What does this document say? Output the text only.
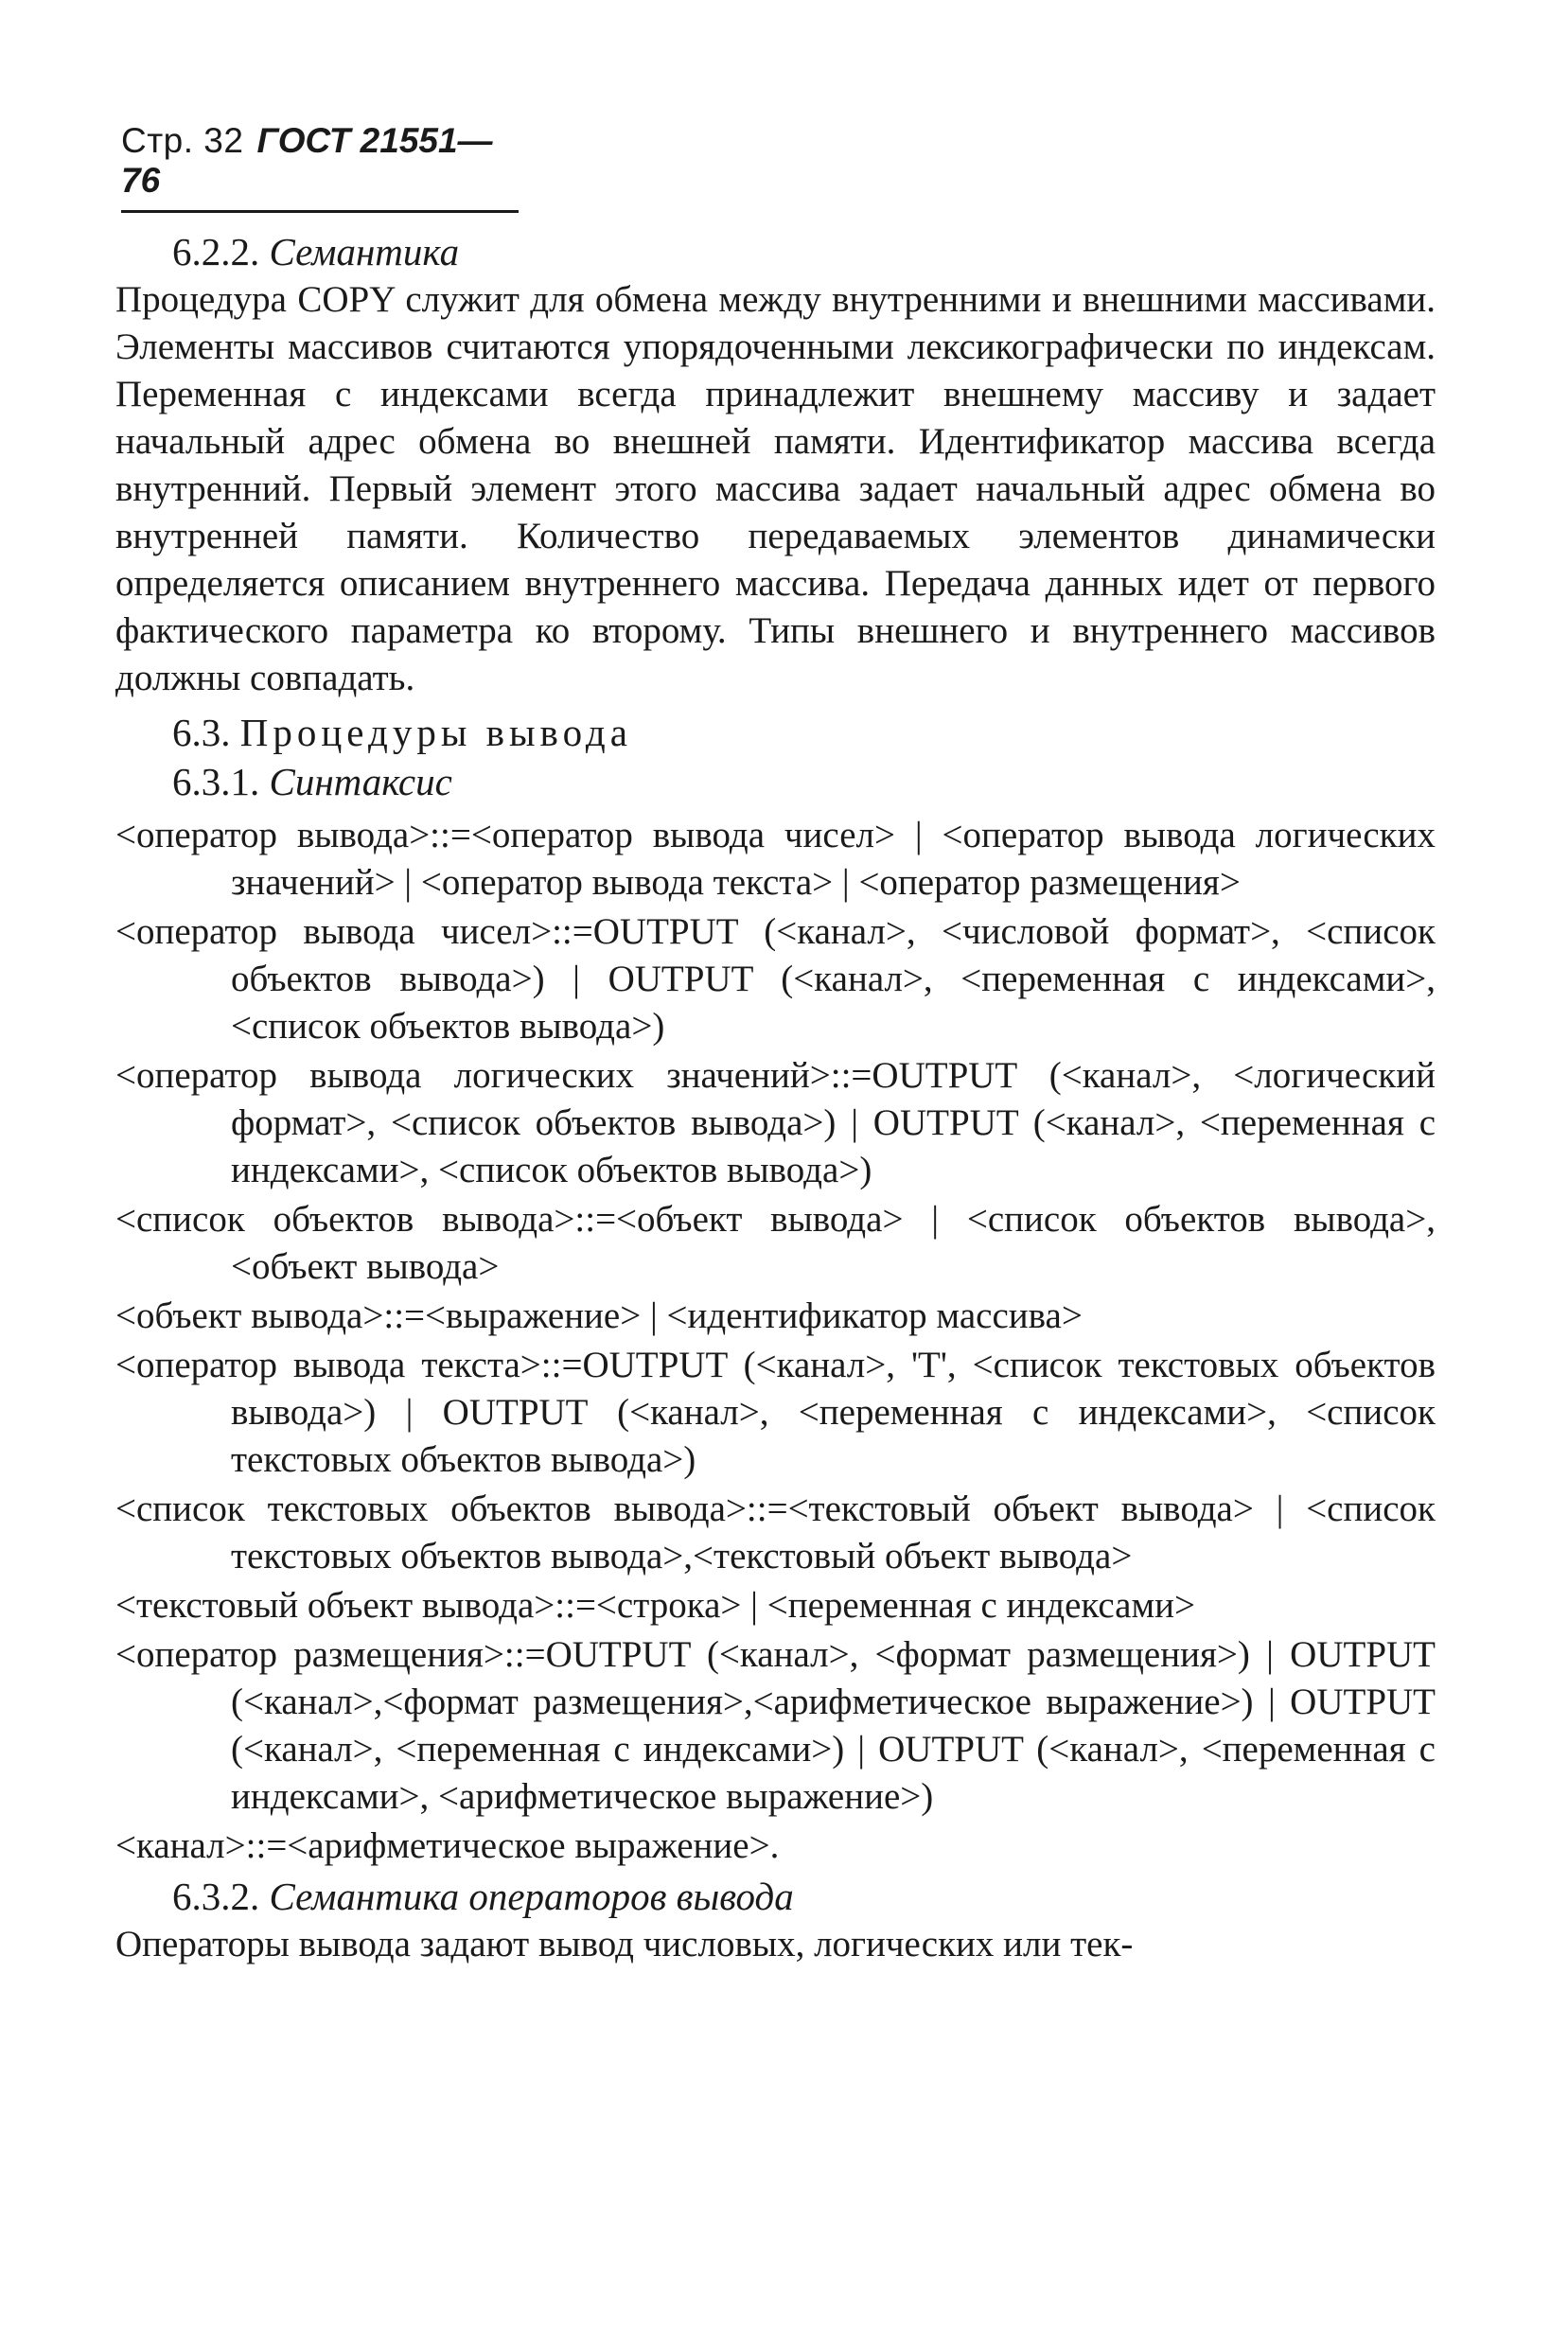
Стр. 32 ГОСТ 21551—76

6.2.2. Семантика

Процедура COPY служит для обмена между внутренними и внешними массивами. Элементы массивов считаются упорядоченными лексикографически по индексам. Переменная с индексами всегда принадлежит внешнему массиву и задает начальный адрес обмена во внешней памяти. Идентификатор массива всегда внутренний. Первый элемент этого массива задает начальный адрес обмена во внутренней памяти. Количество передаваемых элементов динамически определяется описанием внутреннего массива. Передача данных идет от первого фактического параметра ко второму. Типы внешнего и внутреннего массивов должны совпадать.

6.3. Процедуры вывода

6.3.1. Синтаксис

<оператор вывода>::=<оператор вывода чисел> | <оператор вывода логических значений> | <оператор вывода текста> | <оператор размещения>

<оператор вывода чисел>::=OUTPUT (<канал>, <числовой формат>, <список объектов вывода>) | OUTPUT (<канал>, <переменная с индексами>, <список объектов вывода>)

<оператор вывода логических значений>::=OUTPUT (<канал>, <логический формат>, <список объектов вывода>) | OUTPUT (<канал>, <переменная с индексами>, <список объектов вывода>)

<список объектов вывода>::=<объект вывода> | <список объектов вывода>, <объект вывода>

<объект вывода>::=<выражение> | <идентификатор массива>

<оператор вывода текста>::=OUTPUT (<канал>, 'T', <список текстовых объектов вывода>) | OUTPUT (<канал>, <переменная с индексами>, <список текстовых объектов вывода>)

<список текстовых объектов вывода>::=<текстовый объект вывода> | <список текстовых объектов вывода>,<текстовый объект вывода>

<текстовый объект вывода>::=<строка> | <переменная с индексами>

<оператор размещения>::=OUTPUT (<канал>, <формат размещения>) | OUTPUT (<канал>,<формат размещения>,<арифметическое выражение>) | OUTPUT (<канал>, <переменная с индексами>) | OUTPUT (<канал>, <переменная с индексами>, <арифметическое выражение>)

<канал>::=<арифметическое выражение>.

6.3.2. Семантика операторов вывода

Операторы вывода задают вывод числовых, логических или тек-
